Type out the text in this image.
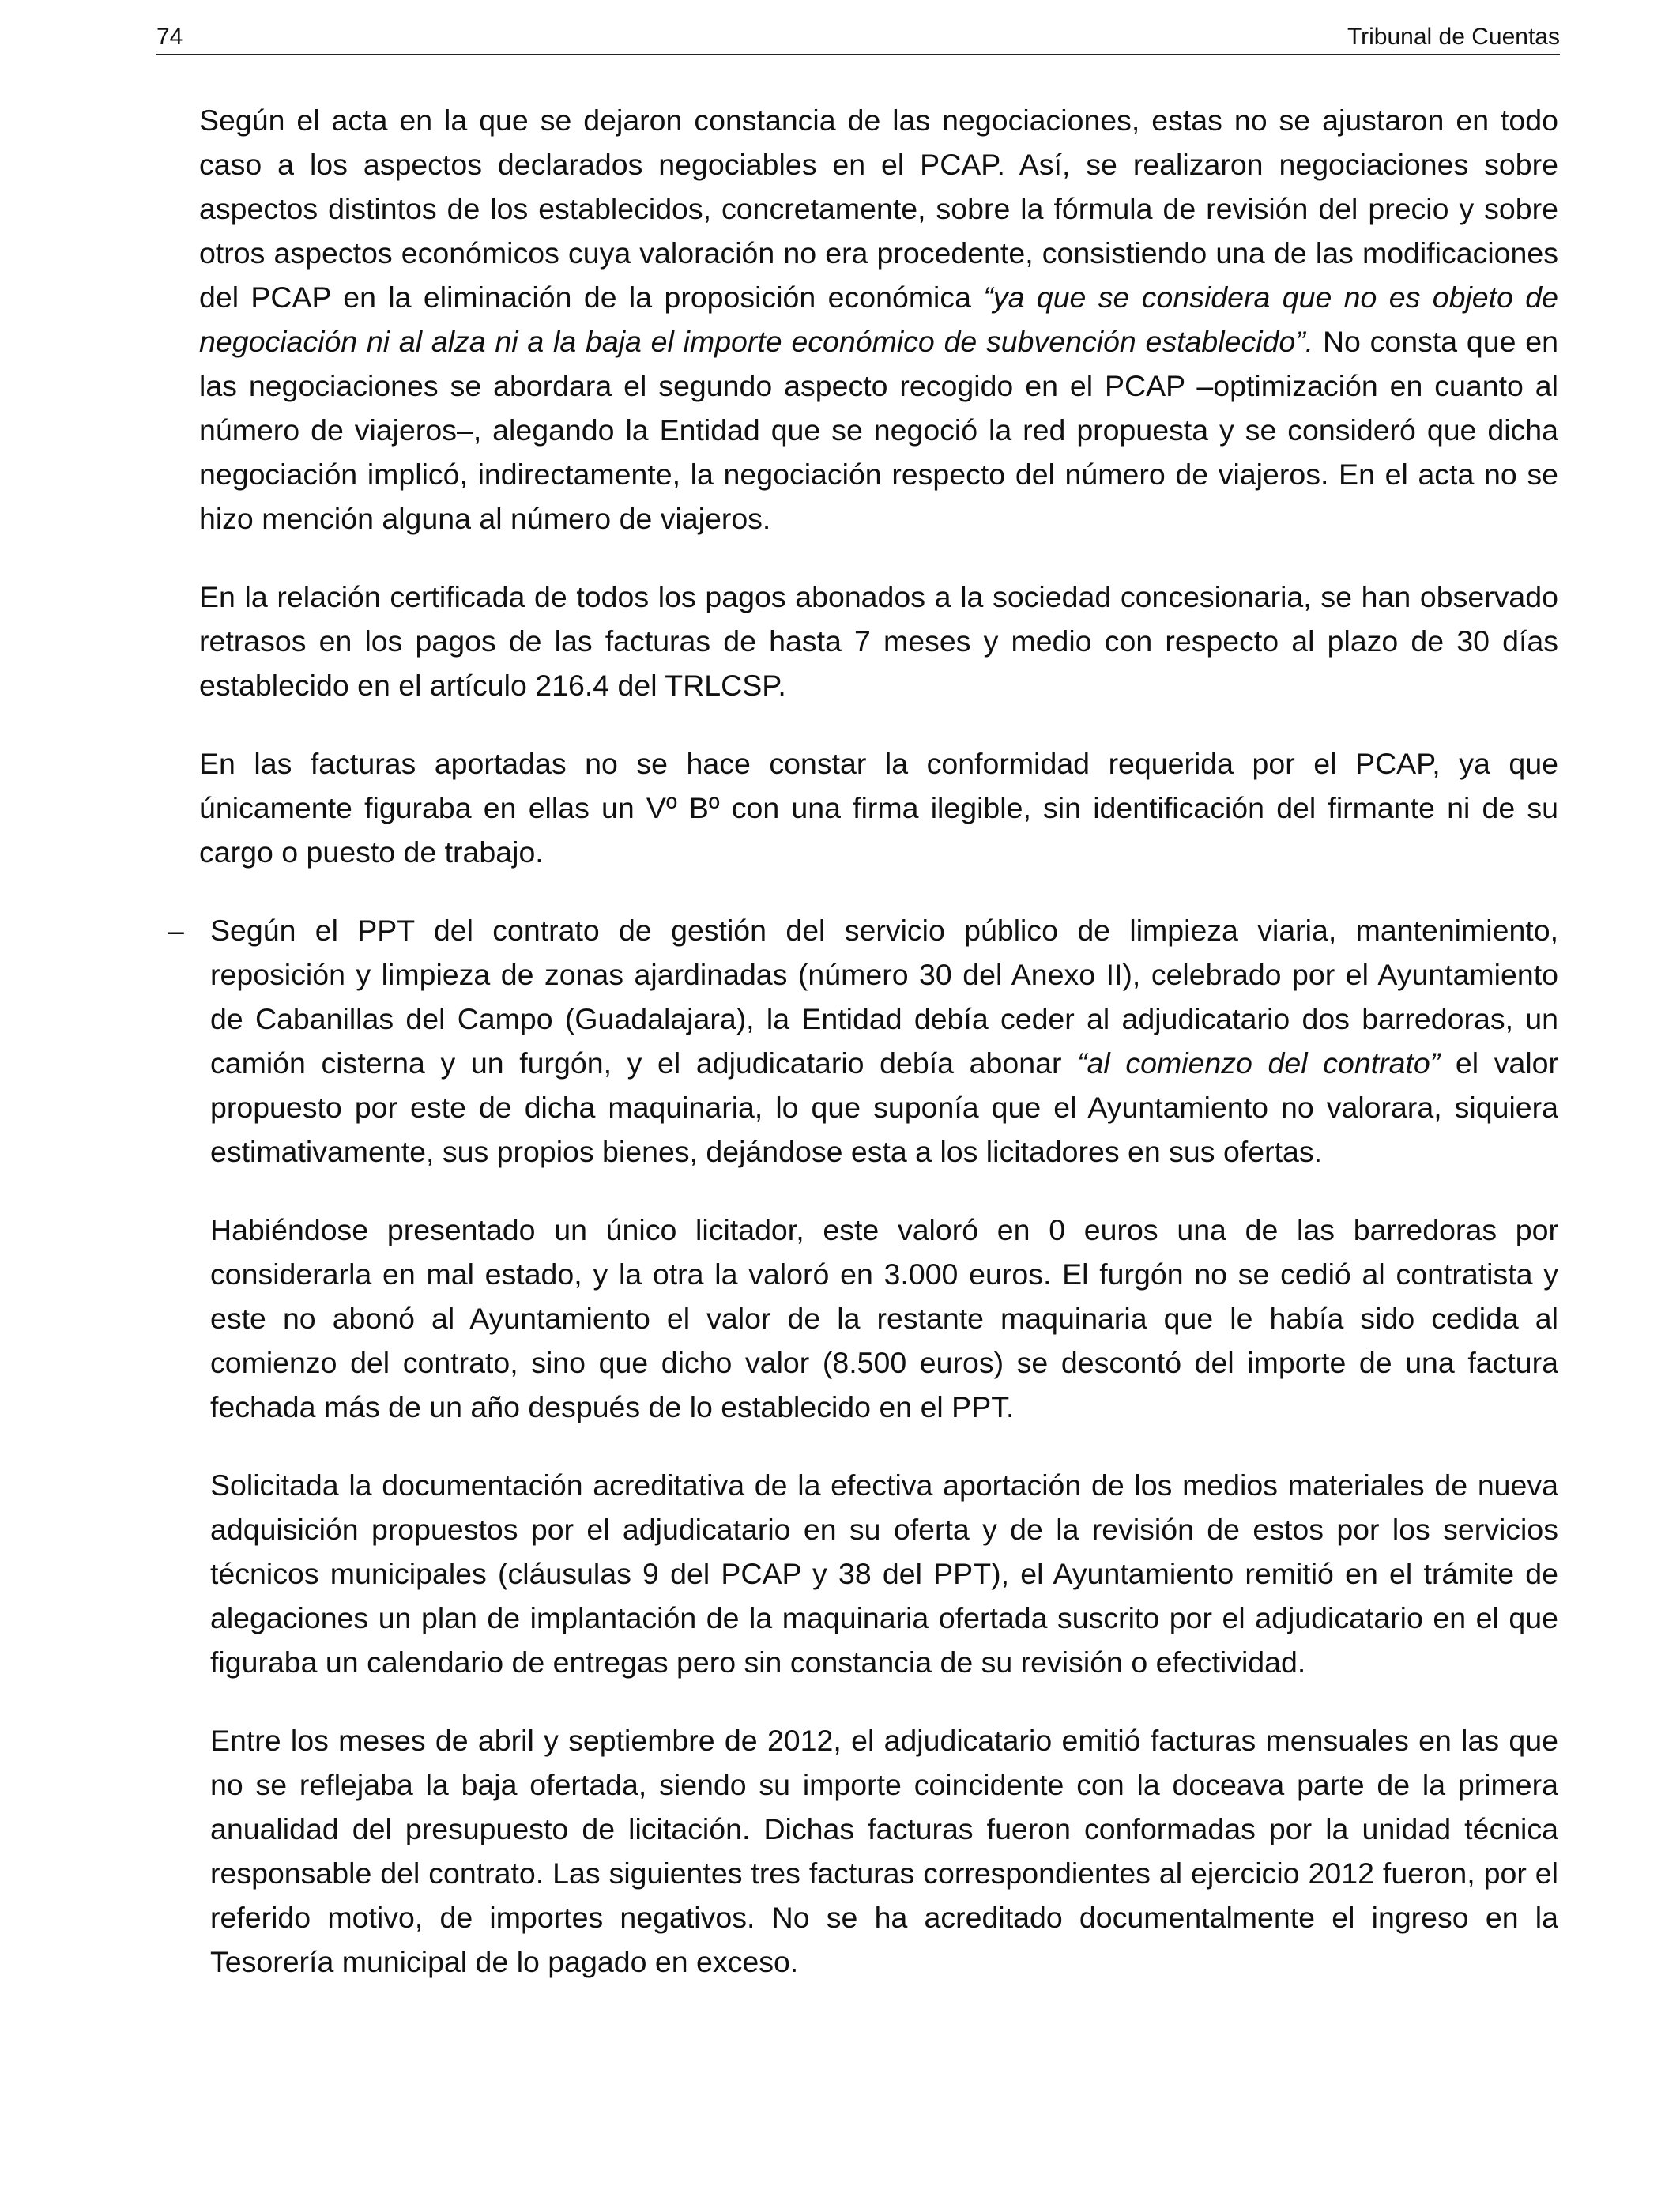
74	Tribunal de Cuentas

Según el acta en la que se dejaron constancia de las negociaciones, estas no se ajustaron en todo caso a los aspectos declarados negociables en el PCAP. Así, se realizaron negociaciones sobre aspectos distintos de los establecidos, concretamente, sobre la fórmula de revisión del precio y sobre otros aspectos económicos cuya valoración no era procedente, consistiendo una de las modificaciones del PCAP en la eliminación de la proposición económica “ya que se considera que no es objeto de negociación ni al alza ni a la baja el importe económico de subvención establecido”. No consta que en las negociaciones se abordara el segundo aspecto recogido en el PCAP –optimización en cuanto al número de viajeros–, alegando la Entidad que se negoció la red propuesta y se consideró que dicha negociación implicó, indirectamente, la negociación respecto del número de viajeros. En el acta no se hizo mención alguna al número de viajeros.

En la relación certificada de todos los pagos abonados a la sociedad concesionaria, se han observado retrasos en los pagos de las facturas de hasta 7 meses y medio con respecto al plazo de 30 días establecido en el artículo 216.4 del TRLCSP.

En las facturas aportadas no se hace constar la conformidad requerida por el PCAP, ya que únicamente figuraba en ellas un Vº Bº con una firma ilegible, sin identificación del firmante ni de su cargo o puesto de trabajo.

– Según el PPT del contrato de gestión del servicio público de limpieza viaria, mantenimiento, reposición y limpieza de zonas ajardinadas (número 30 del Anexo II), celebrado por el Ayuntamiento de Cabanillas del Campo (Guadalajara), la Entidad debía ceder al adjudicatario dos barredoras, un camión cisterna y un furgón, y el adjudicatario debía abonar “al comienzo del contrato” el valor propuesto por este de dicha maquinaria, lo que suponía que el Ayuntamiento no valorara, siquiera estimativamente, sus propios bienes, dejándose esta a los licitadores en sus ofertas.

Habiéndose presentado un único licitador, este valoró en 0 euros una de las barredoras por considerarla en mal estado, y la otra la valoró en 3.000 euros. El furgón no se cedió al contratista y este no abonó al Ayuntamiento el valor de la restante maquinaria que le había sido cedida al comienzo del contrato, sino que dicho valor (8.500 euros) se descontó del importe de una factura fechada más de un año después de lo establecido en el PPT.

Solicitada la documentación acreditativa de la efectiva aportación de los medios materiales de nueva adquisición propuestos por el adjudicatario en su oferta y de la revisión de estos por los servicios técnicos municipales (cláusulas 9 del PCAP y 38 del PPT), el Ayuntamiento remitió en el trámite de alegaciones un plan de implantación de la maquinaria ofertada suscrito por el adjudicatario en el que figuraba un calendario de entregas pero sin constancia de su revisión o efectividad.

Entre los meses de abril y septiembre de 2012, el adjudicatario emitió facturas mensuales en las que no se reflejaba la baja ofertada, siendo su importe coincidente con la doceava parte de la primera anualidad del presupuesto de licitación. Dichas facturas fueron conformadas por la unidad técnica responsable del contrato. Las siguientes tres facturas correspondientes al ejercicio 2012 fueron, por el referido motivo, de importes negativos. No se ha acreditado documentalmente el ingreso en la Tesorería municipal de lo pagado en exceso.
